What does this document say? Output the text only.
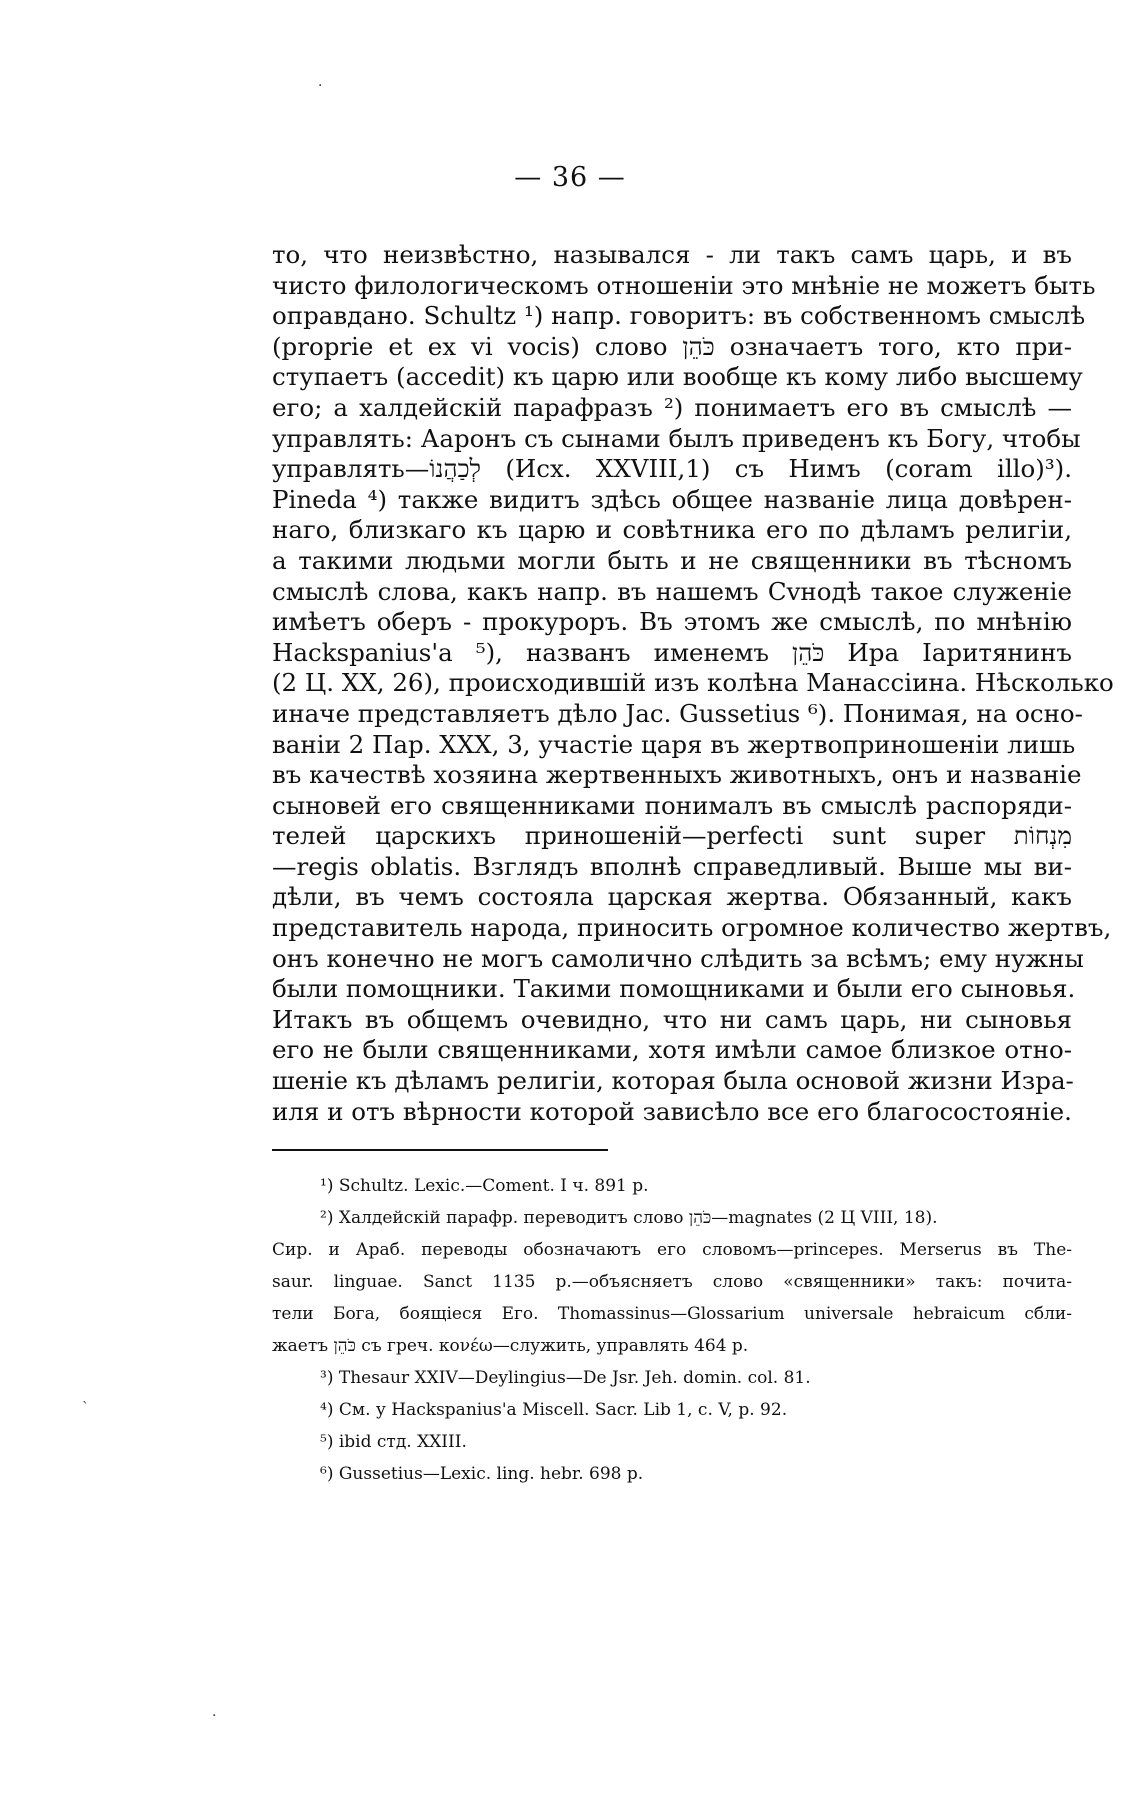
— 36 —
то, что неизвѣстно, назывался - ли такъ самъ царь, и въ
чисто филологическомъ отношеніи это мнѣніе не можетъ быть
оправдано. Schultz ¹) напр. говоритъ: въ собственномъ смыслѣ
(proprie et ex vi vocis) слово כֹּהֵן означаетъ того, кто при-
ступаетъ (accedit) къ царю или вообще къ кому либо высшему
его; а халдейскій парафразъ ²) понимаетъ его въ смыслѣ —
управлять: Ааронъ съ сынами былъ приведенъ къ Богу, чтобы
управлять—לְכַהֲנוֹ (Исх. XXVIII,1) съ Нимъ (coram illo)³).
Pineda ⁴) также видитъ здѣсь общее названіе лица довѣрен-
наго, близкаго къ царю и совѣтника его по дѣламъ религіи,
а такими людьми могли быть и не священники въ тѣсномъ
смыслѣ слова, какъ напр. въ нашемъ Сvнодѣ такое служеніе
имѣетъ оберъ - прокуроръ. Въ этомъ же смыслѣ, по мнѣнію
Hackspanius'a ⁵), названъ именемъ כֹּהֵן Ира Іаритянинъ
(2 Ц. XX, 26), происходившій изъ колѣна Манассіина. Нѣсколько
иначе представляетъ дѣло Jac. Gussetius ⁶). Понимая, на осно-
ваніи 2 Пар. XXX, 3, участіе царя въ жертвоприношеніи лишь
въ качествѣ хозяина жертвенныхъ животныхъ, онъ и названіе
сыновей его священниками понималъ въ смыслѣ распоряди-
телей царскихъ приношеній—perfecti sunt super מִנְחוֹת
—regis oblatis. Взглядъ вполнѣ справедливый. Выше мы ви-
дѣли, въ чемъ состояла царская жертва. Обязанный, какъ
представитель народа, приносить огромное количество жертвъ,
онъ конечно не могъ самолично слѣдить за всѣмъ; ему нужны
были помощники. Такими помощниками и были его сыновья.
Итакъ въ общемъ очевидно, что ни самъ царь, ни сыновья
его не были священниками, хотя имѣли самое близкое отно-
шеніе къ дѣламъ религіи, которая была основой жизни Изра-
иля и отъ вѣрности которой зависѣло все его благосостояніе.
¹) Schultz. Lexic.—Coment. I ч. 891 p.
²) Халдейскій парафр. переводитъ слово כֹּהֵן—magnates (2 Ц VIII, 18).
Сир. и Араб. переводы обозначаютъ его словомъ—princepes. Merserus въ The-
saur. linguae. Sanct 1135 p.—объясняетъ слово «священники» такъ: почита-
тели Бога, боящіеся Его. Thomassinus—Glossarium universale hebraicum сбли-
жаетъ כֹּהֵן съ греч. κονέω—служить, управлять 464 p.
³) Thesaur XXIV—Deylingius—De Jsr. Jeh. domin. col. 81.
⁴) См. у Hackspanius'a Miscell. Sacr. Lib 1, c. V, p. 92.
⁵) ibid стд. XXIII.
⁶) Gussetius—Lexic. ling. hebr. 698 p.
·
`
·
